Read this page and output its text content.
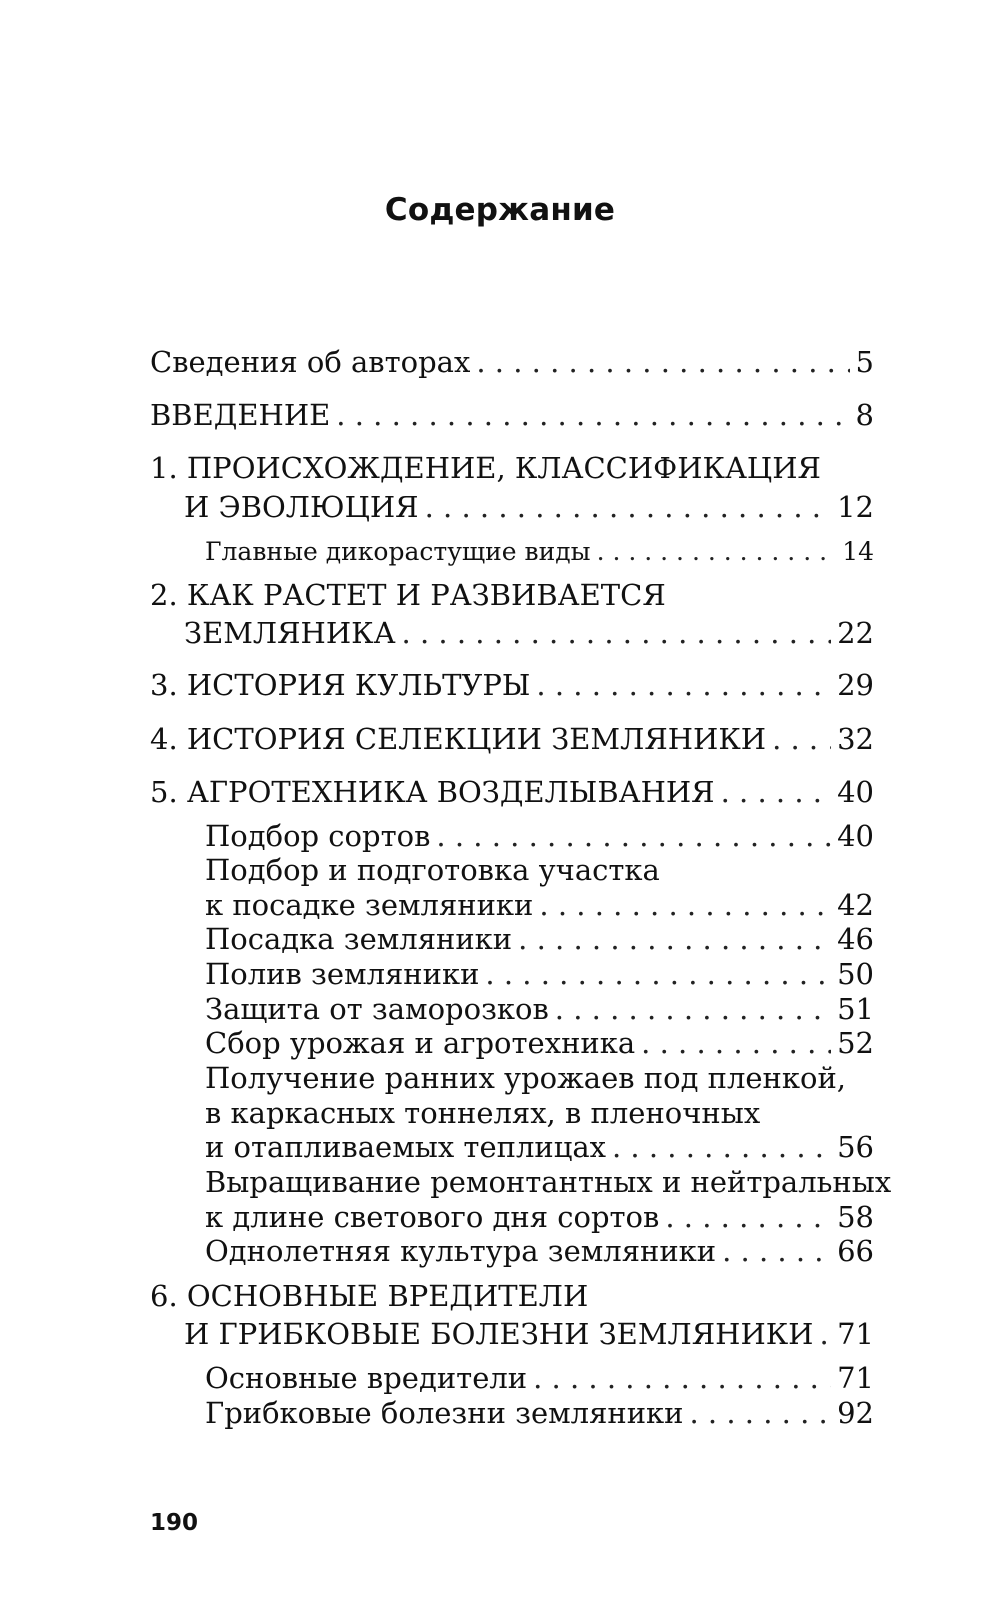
Содержание
Сведения об авторах . . .	5
ВВЕДЕНИЕ . . .	8
1. ПРОИСХОЖДЕНИЕ, КЛАССИФИКАЦИЯ
И ЭВОЛЮЦИЯ . . .	12
Главные дикорастущие виды . . .	14
2. КАК РАСТЕТ И РАЗВИВАЕТСЯ
ЗЕМЛЯНИКА . . .	22
3. ИСТОРИЯ КУЛЬТУРЫ . . .	29
4. ИСТОРИЯ СЕЛЕКЦИИ ЗЕМЛЯНИКИ . . . 32
5. АГРОТЕХНИКА ВОЗДЕЛЫВАНИЯ . . .	40
Подбор сортов . . .	40
Подбор и подготовка участка
к посадке земляники . . .	42
Посадка земляники . . .	46
Полив земляники . . .	50
Защита от заморозков . . .	51
Сбор урожая и агротехника . . .	52
Получение ранних урожаев под пленкой,
в каркасных тоннелях, в пленочных
и отапливаемых теплицах . . .	56
Выращивание ремонтантных и нейтральных
к длине светового дня сортов . . .	58
Однолетняя культура земляники . . .	66
6. ОСНОВНЫЕ ВРЕДИТЕЛИ
И ГРИБКОВЫЕ БОЛЕЗНИ ЗЕМЛЯНИКИ . . . 71
Основные вредители . . .	71
Грибковые болезни земляники . . .	92
190
